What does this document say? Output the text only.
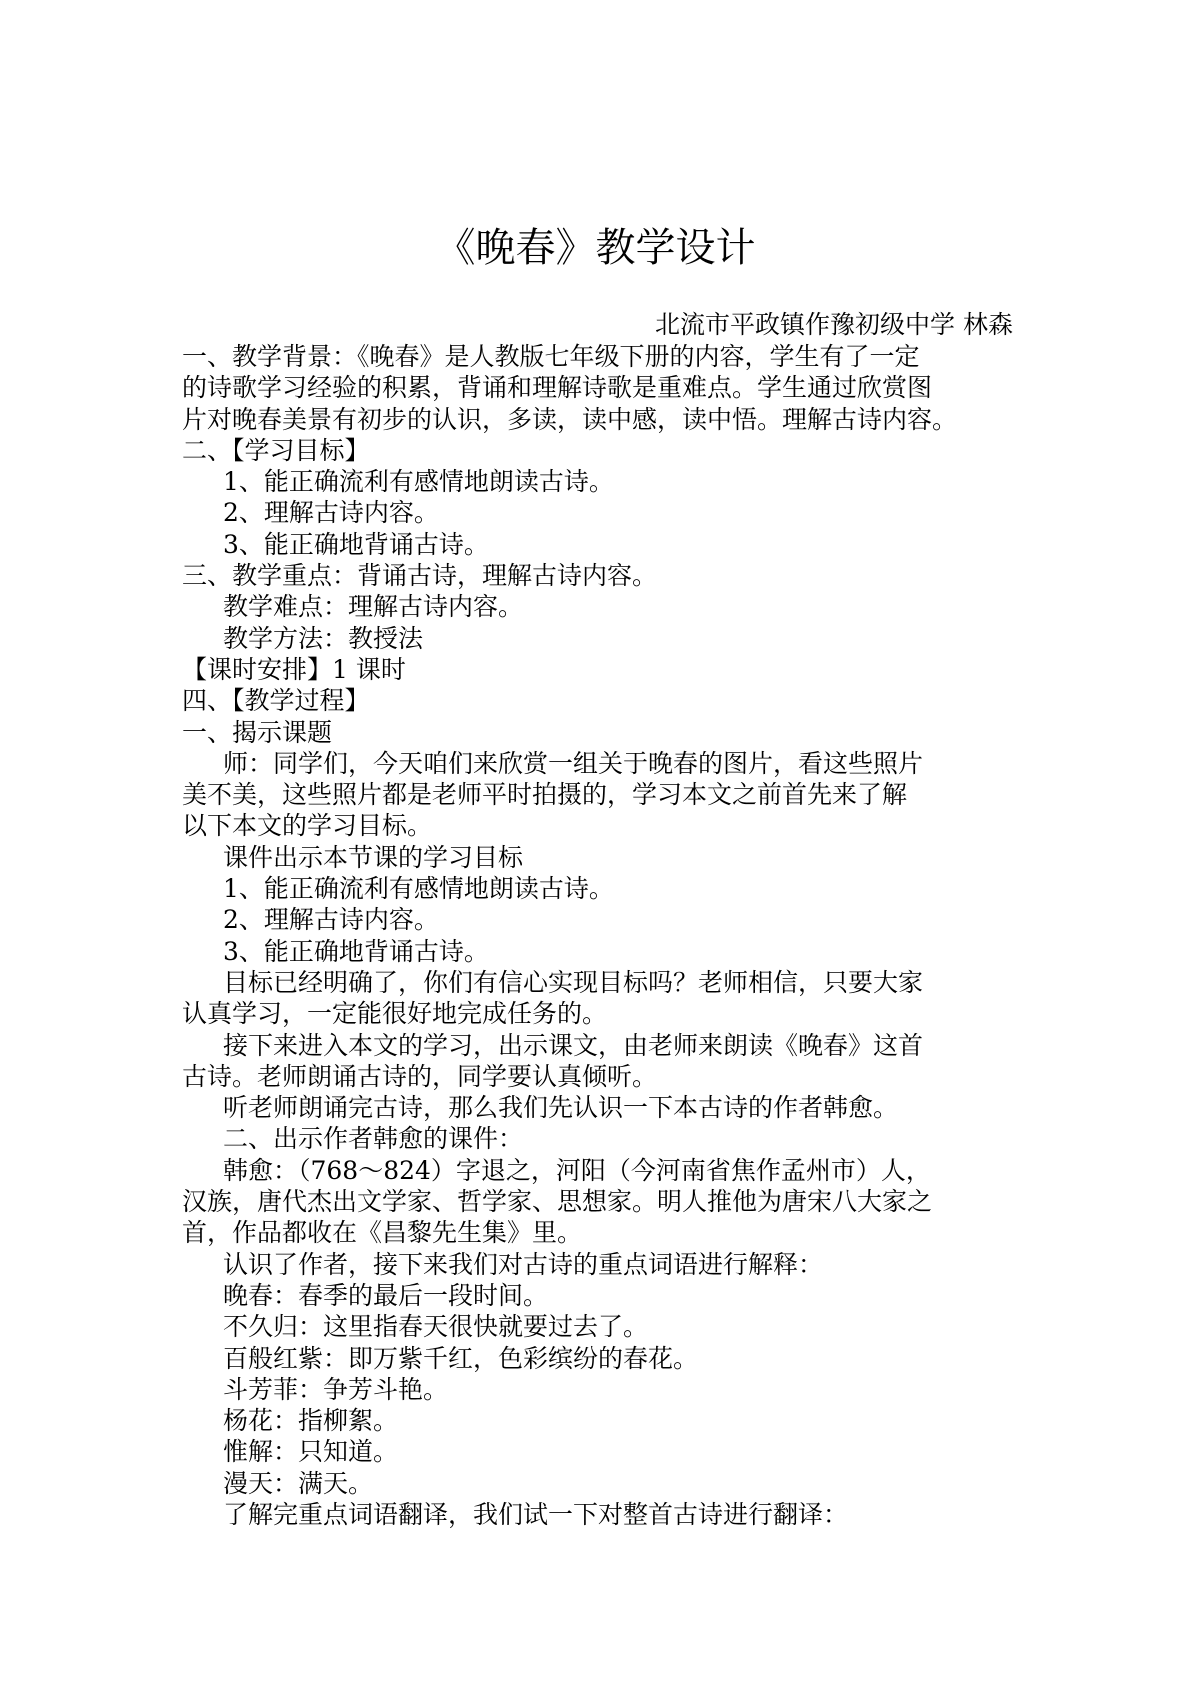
《晚春》教学设计
北流市平政镇作豫初级中学 林森
一、教学背景：《晚春》是人教版七年级下册的内容，学生有了一定
的诗歌学习经验的积累，背诵和理解诗歌是重难点。学生通过欣赏图
片对晚春美景有初步的认识，多读，读中感，读中悟。理解古诗内容。
二、【学习目标】
1、能正确流利有感情地朗读古诗。
2、理解古诗内容。
3、能正确地背诵古诗。
三、教学重点：背诵古诗，理解古诗内容。
教学难点：理解古诗内容。
教学方法：教授法
【课时安排】1 课时
四、【教学过程】
一、揭示课题
师：同学们，今天咱们来欣赏一组关于晚春的图片，看这些照片
美不美，这些照片都是老师平时拍摄的，学习本文之前首先来了解
以下本文的学习目标。
课件出示本节课的学习目标
1、能正确流利有感情地朗读古诗。
2、理解古诗内容。
3、能正确地背诵古诗。
目标已经明确了，你们有信心实现目标吗？老师相信，只要大家
认真学习，一定能很好地完成任务的。
接下来进入本文的学习，出示课文，由老师来朗读《晚春》这首
古诗。老师朗诵古诗的，同学要认真倾听。
听老师朗诵完古诗，那么我们先认识一下本古诗的作者韩愈。
二、出示作者韩愈的课件：
韩愈：（768～824）字退之，河阳（今河南省焦作孟州市）人，
汉族，唐代杰出文学家、哲学家、思想家。明人推他为唐宋八大家之
首，作品都收在《昌黎先生集》里。
认识了作者，接下来我们对古诗的重点词语进行解释：
晚春：春季的最后一段时间。
不久归：这里指春天很快就要过去了。
百般红紫：即万紫千红，色彩缤纷的春花。
斗芳菲：争芳斗艳。
杨花：指柳絮。
惟解：只知道。
漫天：满天。
了解完重点词语翻译，我们试一下对整首古诗进行翻译：
